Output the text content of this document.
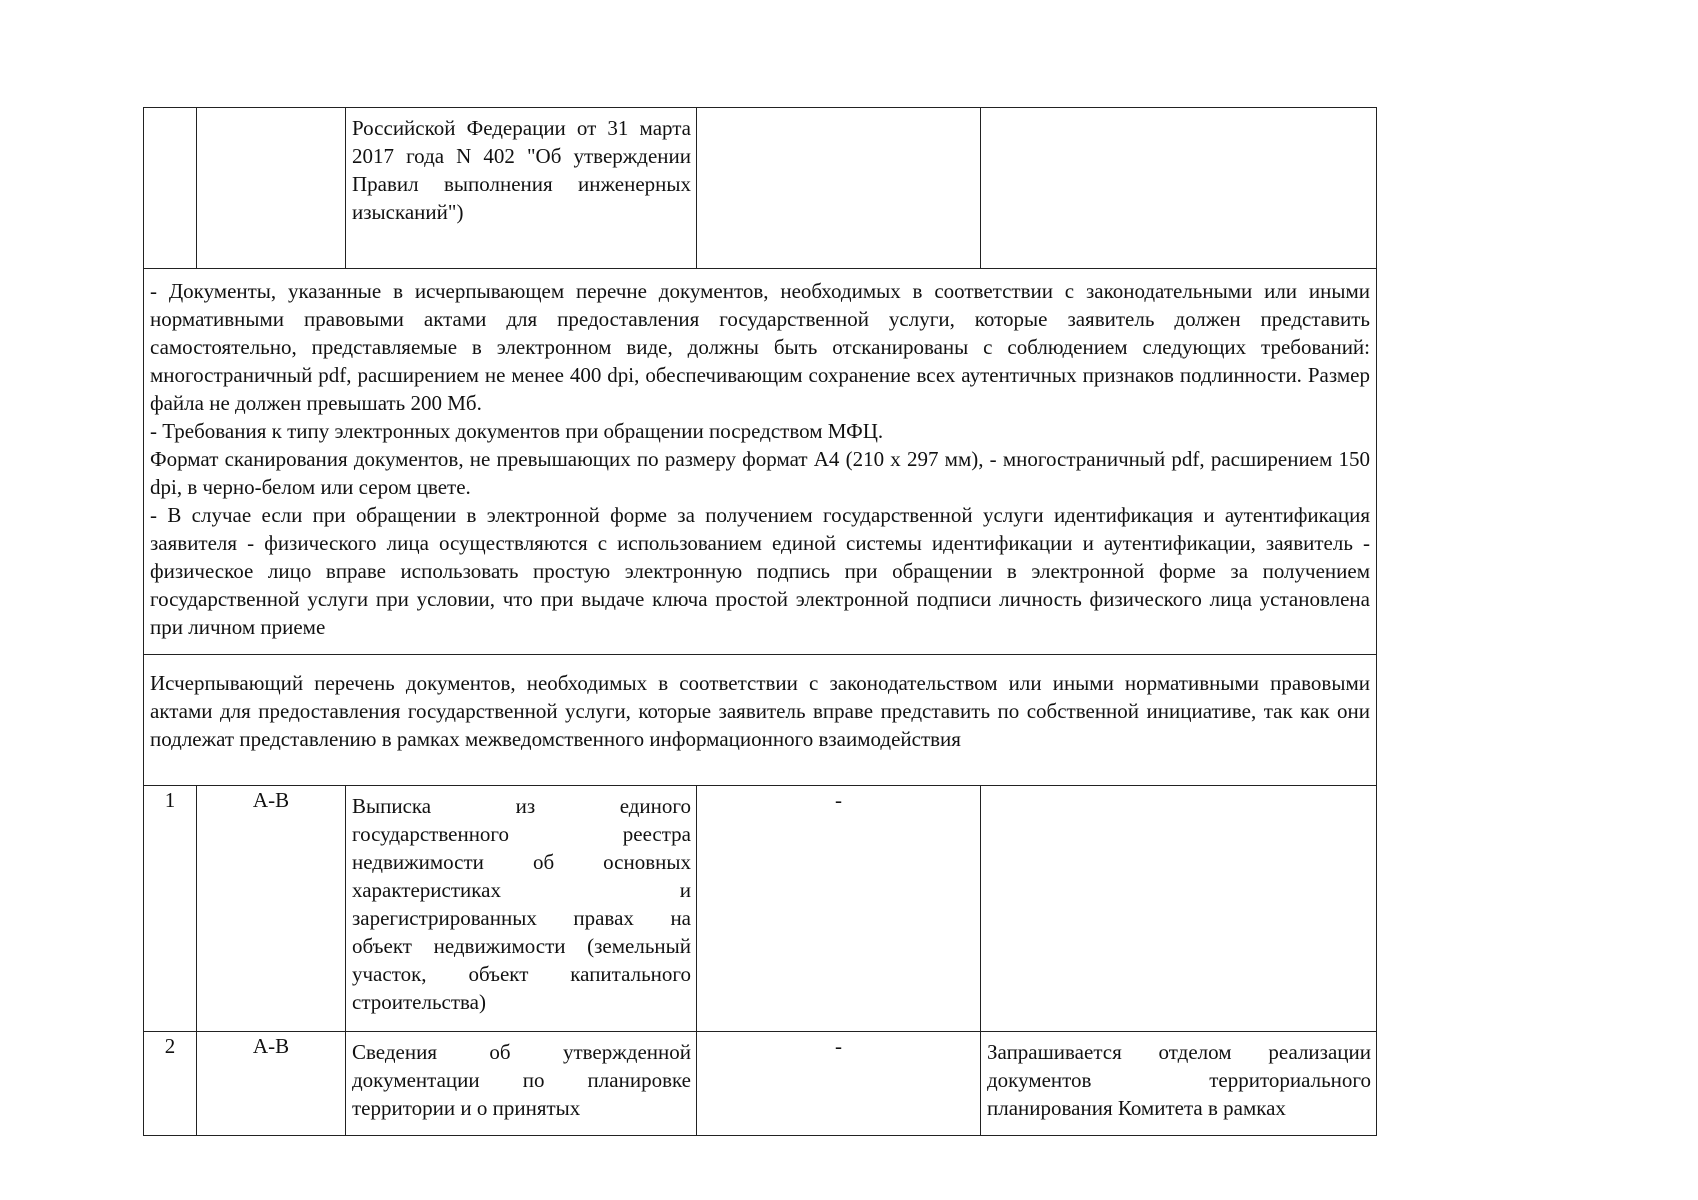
		Российской Федерации от 31 марта 2017 года N 402 "Об утверждении Правил выполнения инженерных изысканий")		

- Документы, указанные в исчерпывающем перечне документов, необходимых в соответствии с законодательными или иными нормативными правовыми актами для предоставления государственной услуги, которые заявитель должен представить самостоятельно, представляемые в электронном виде, должны быть отсканированы с соблюдением следующих требований: многостраничный pdf, расширением не менее 400 dpi, обеспечивающим сохранение всех аутентичных признаков подлинности. Размер файла не должен превышать 200 Мб.

- Требования к типу электронных документов при обращении посредством МФЦ.

Формат сканирования документов, не превышающих по размеру формат А4 (210 х 297 мм), - многостраничный pdf, расширением 150 dpi, в черно-белом или сером цвете.

- В случае если при обращении в электронной форме за получением государственной услуги идентификация и аутентификация заявителя - физического лица осуществляются с использованием единой системы идентификации и аутентификации, заявитель - физическое лицо вправе использовать простую электронную подпись при обращении в электронной форме за получением государственной услуги при условии, что при выдаче ключа простой электронной подписи личность физического лица установлена при личном приеме				

Исчерпывающий перечень документов, необходимых в соответствии с законодательством или иными нормативными правовыми актами для предоставления государственной услуги, которые заявитель вправе представить по собственной инициативе, так как они подлежат представлению в рамках межведомственного информационного взаимодействия				

1	А-В	Выписка из единого государственного реестра недвижимости об основных характеристиках и зарегистрированных правах на объект недвижимости (земельный участок, объект капитального строительства)	-	

2	А-В	Сведения об утвержденной документации по планировке территории и о принятых	-	Запрашивается отделом реализации документов территориального планирования Комитета в рамках
